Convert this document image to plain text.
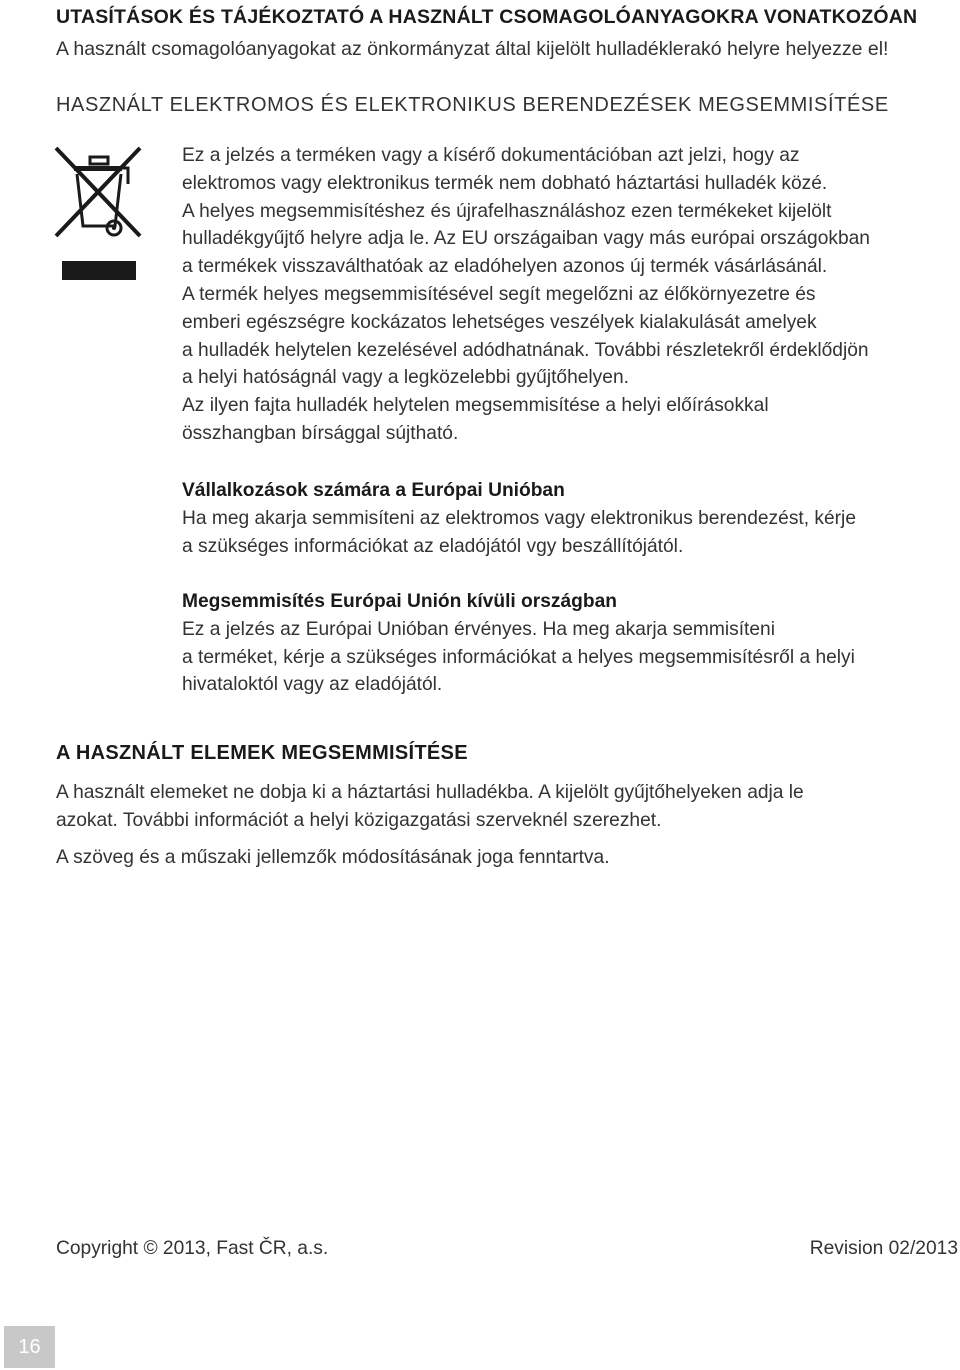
UTASÍTÁSOK ÉS TÁJÉKOZTATÓ A HASZNÁLT CSOMAGOLÓANYAGOKRA VONATKOZÓAN
A használt csomagolóanyagokat az önkormányzat által kijelölt hulladéklerakó helyre helyezze el!
HASZNÁLT ELEKTROMOS ÉS ELEKTRONIKUS BERENDEZÉSEK MEGSEMMISÍTÉSE
Ez a jelzés a terméken vagy a kísérő dokumentációban azt jelzi, hogy az
elektromos vagy elektronikus termék nem dobható háztartási hulladék közé.
A helyes megsemmisítéshez és újrafelhasználáshoz ezen termékeket kijelölt
hulladékgyűjtő helyre adja le. Az EU országaiban vagy más európai országokban
a termékek visszaválthatóak az eladóhelyen azonos új termék vásárlásánál.
A termék helyes megsemmisítésével segít megelőzni az élőkörnyezetre és
emberi egészségre kockázatos lehetséges veszélyek kialakulását amelyek
a hulladék helytelen kezelésével adódhatnának. További részletekről érdeklődjön
a helyi hatóságnál vagy a legközelebbi gyűjtőhelyen.
Az ilyen fajta hulladék helytelen megsemmisítése a helyi előírásokkal
összhangban bírsággal sújtható.
Vállalkozások számára a Európai Unióban
Ha meg akarja semmisíteni az elektromos vagy elektronikus berendezést, kérje
a szükséges információkat az eladójától vgy beszállítójától.
Megsemmisítés Európai Unión kívüli országban
Ez a jelzés az Európai Unióban érvényes. Ha meg akarja semmisíteni
a terméket, kérje a szükséges információkat a helyes megsemmisítésről a helyi
hivataloktól vagy az eladójától.
A HASZNÁLT ELEMEK MEGSEMMISÍTÉSE
A használt elemeket ne dobja ki a háztartási hulladékba. A kijelölt gyűjtőhelyeken adja le
azokat. További információt a helyi közigazgatási szerveknél szerezhet.
A szöveg és a műszaki jellemzők módosításának joga fenntartva.
Copyright © 2013, Fast ČR, a.s.	Revision 02/2013
16
